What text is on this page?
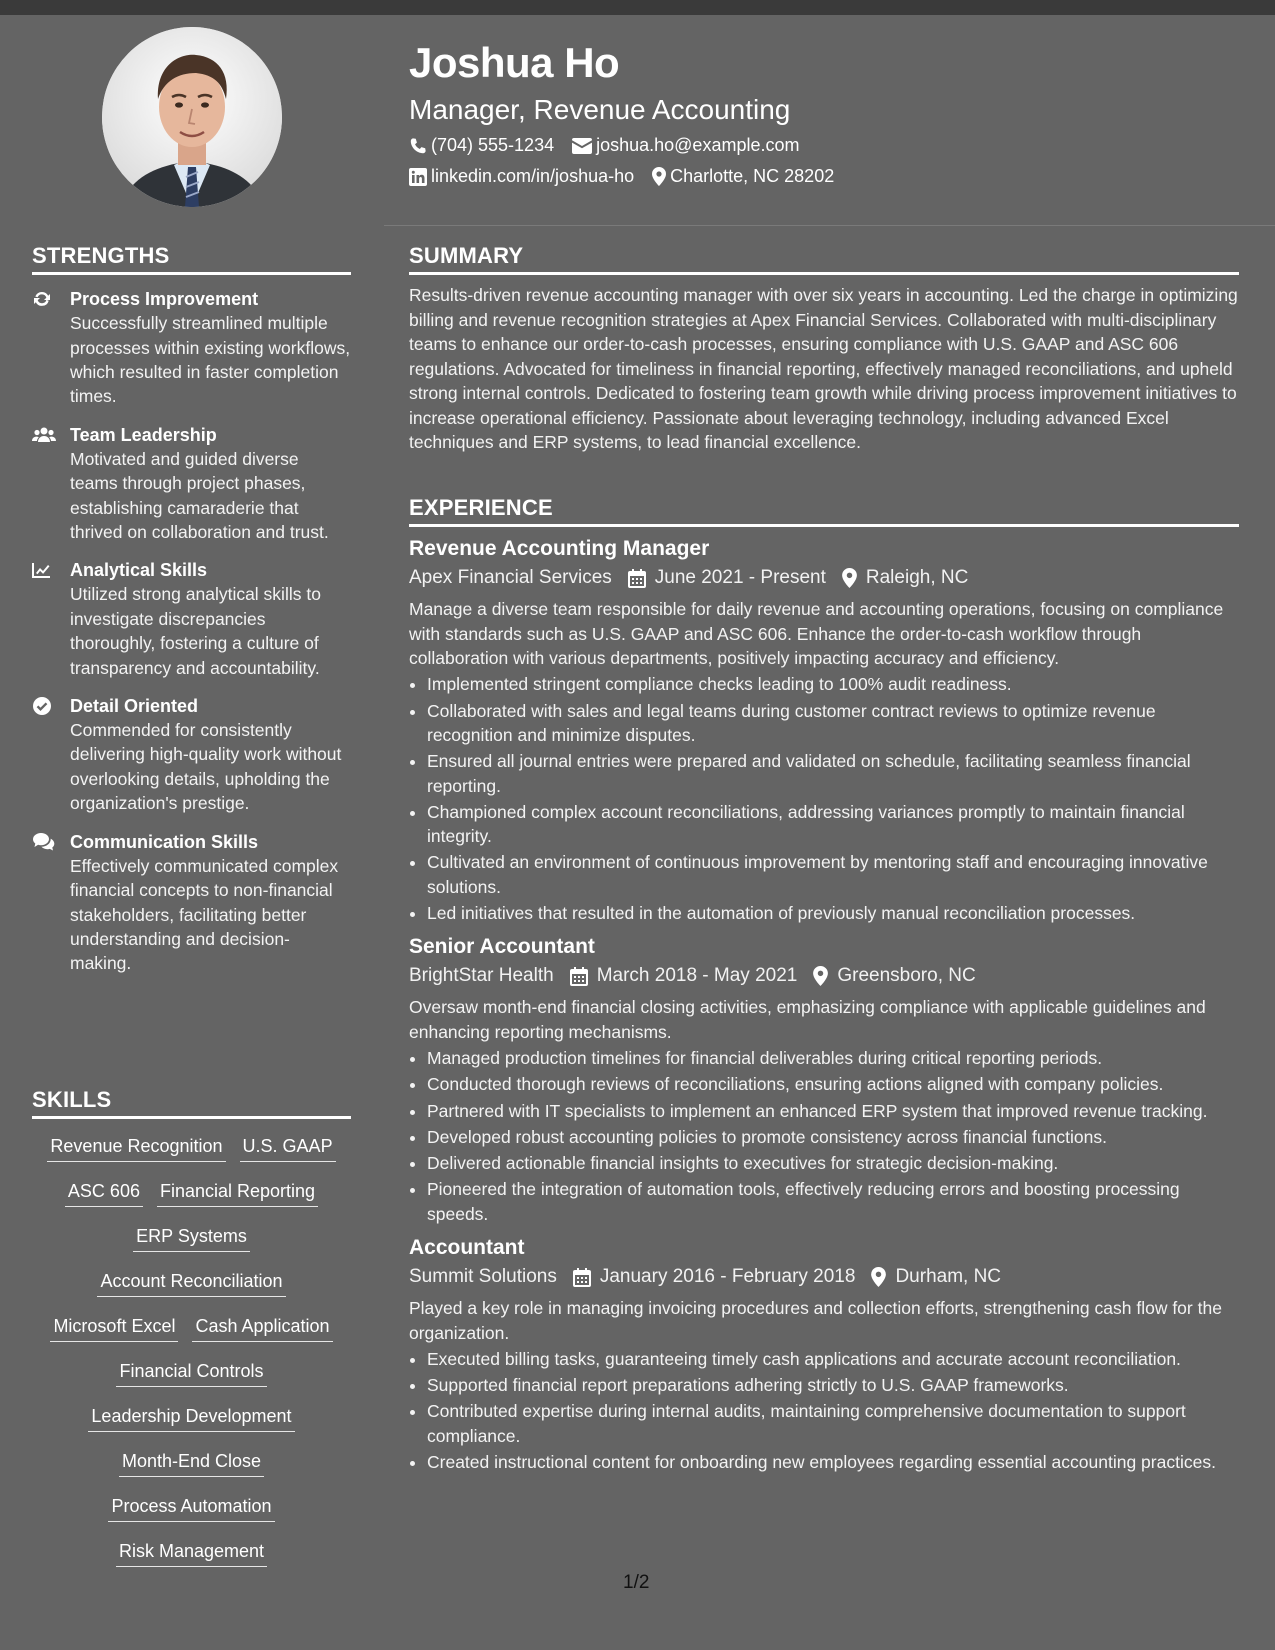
STRENGTHS
Process Improvement
Successfully streamlined multiple processes within existing workflows, which resulted in faster completion times.
Team Leadership
Motivated and guided diverse teams through project phases, establishing camaraderie that thrived on collaboration and trust.
Analytical Skills
Utilized strong analytical skills to investigate discrepancies thoroughly, fostering a culture of transparency and accountability.
Detail Oriented
Commended for consistently delivering high-quality work without overlooking details, upholding the organization's prestige.
Communication Skills
Effectively communicated complex financial concepts to non-financial stakeholders, facilitating better understanding and decision-making.
SKILLS
Revenue Recognition U.S. GAAP
ASC 606 Financial Reporting
ERP Systems
Account Reconciliation
Microsoft Excel Cash Application
Financial Controls
Leadership Development
Month-End Close
Process Automation
Risk Management
Joshua Ho
Manager, Revenue Accounting
(704) 555-1234 joshua.ho@example.com
linkedin.com/in/joshua-ho Charlotte, NC 28202
SUMMARY

Results-driven revenue accounting manager with over six years in accounting. Led the charge in optimizing billing and revenue recognition strategies at Apex Financial Services. Collaborated with multi-disciplinary teams to enhance our order-to-cash processes, ensuring compliance with U.S. GAAP and ASC 606 regulations. Advocated for timeliness in financial reporting, effectively managed reconciliations, and upheld strong internal controls. Dedicated to fostering team growth while driving process improvement initiatives to increase operational efficiency. Passionate about leveraging technology, including advanced Excel techniques and ERP systems, to lead financial excellence.

EXPERIENCE
Revenue Accounting Manager
Apex Financial Services June 2021 - Present Raleigh, NC
Manage a diverse team responsible for daily revenue and accounting operations, focusing on compliance with standards such as U.S. GAAP and ASC 606. Enhance the order-to-cash workflow through collaboration with various departments, positively impacting accuracy and efficiency.
• Implemented stringent compliance checks leading to 100% audit readiness.
• Collaborated with sales and legal teams during customer contract reviews to optimize revenue recognition and minimize disputes.
• Ensured all journal entries were prepared and validated on schedule, facilitating seamless financial reporting.
• Championed complex account reconciliations, addressing variances promptly to maintain financial integrity.
• Cultivated an environment of continuous improvement by mentoring staff and encouraging innovative solutions.
• Led initiatives that resulted in the automation of previously manual reconciliation processes.
Senior Accountant
BrightStar Health March 2018 - May 2021 Greensboro, NC
Oversaw month-end financial closing activities, emphasizing compliance with applicable guidelines and enhancing reporting mechanisms.
• Managed production timelines for financial deliverables during critical reporting periods.
• Conducted thorough reviews of reconciliations, ensuring actions aligned with company policies.
• Partnered with IT specialists to implement an enhanced ERP system that improved revenue tracking.
• Developed robust accounting policies to promote consistency across financial functions.
• Delivered actionable financial insights to executives for strategic decision-making.
• Pioneered the integration of automation tools, effectively reducing errors and boosting processing speeds.
Accountant
Summit Solutions January 2016 - February 2018 Durham, NC
Played a key role in managing invoicing procedures and collection efforts, strengthening cash flow for the organization.
• Executed billing tasks, guaranteeing timely cash applications and accurate account reconciliation.
• Supported financial report preparations adhering strictly to U.S. GAAP frameworks.
• Contributed expertise during internal audits, maintaining comprehensive documentation to support compliance.
• Created instructional content for onboarding new employees regarding essential accounting practices.
1/2
